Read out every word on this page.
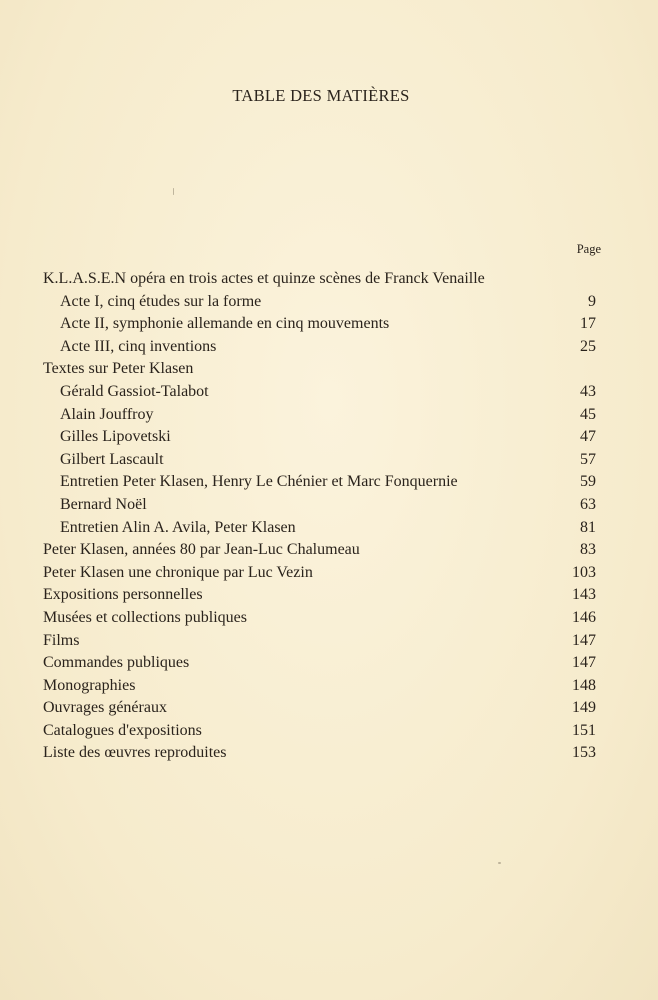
TABLE DES MATIÈRES
Page
K.L.A.S.E.N opéra en trois actes et quinze scènes de Franck Venaille
Acte I, cinq études sur la forme	9
Acte II, symphonie allemande en cinq mouvements	17
Acte III, cinq inventions	25
Textes sur Peter Klasen
Gérald Gassiot-Talabot	43
Alain Jouffroy	45
Gilles Lipovetski	47
Gilbert Lascault	57
Entretien Peter Klasen, Henry Le Chénier et Marc Fonquernie	59
Bernard Noël	63
Entretien Alin A. Avila, Peter Klasen	81
Peter Klasen, années 80 par Jean-Luc Chalumeau	83
Peter Klasen une chronique par Luc Vezin	103
Expositions personnelles	143
Musées et collections publiques	146
Films	147
Commandes publiques	147
Monographies	148
Ouvrages généraux	149
Catalogues d'expositions	151
Liste des œuvres reproduites	153
